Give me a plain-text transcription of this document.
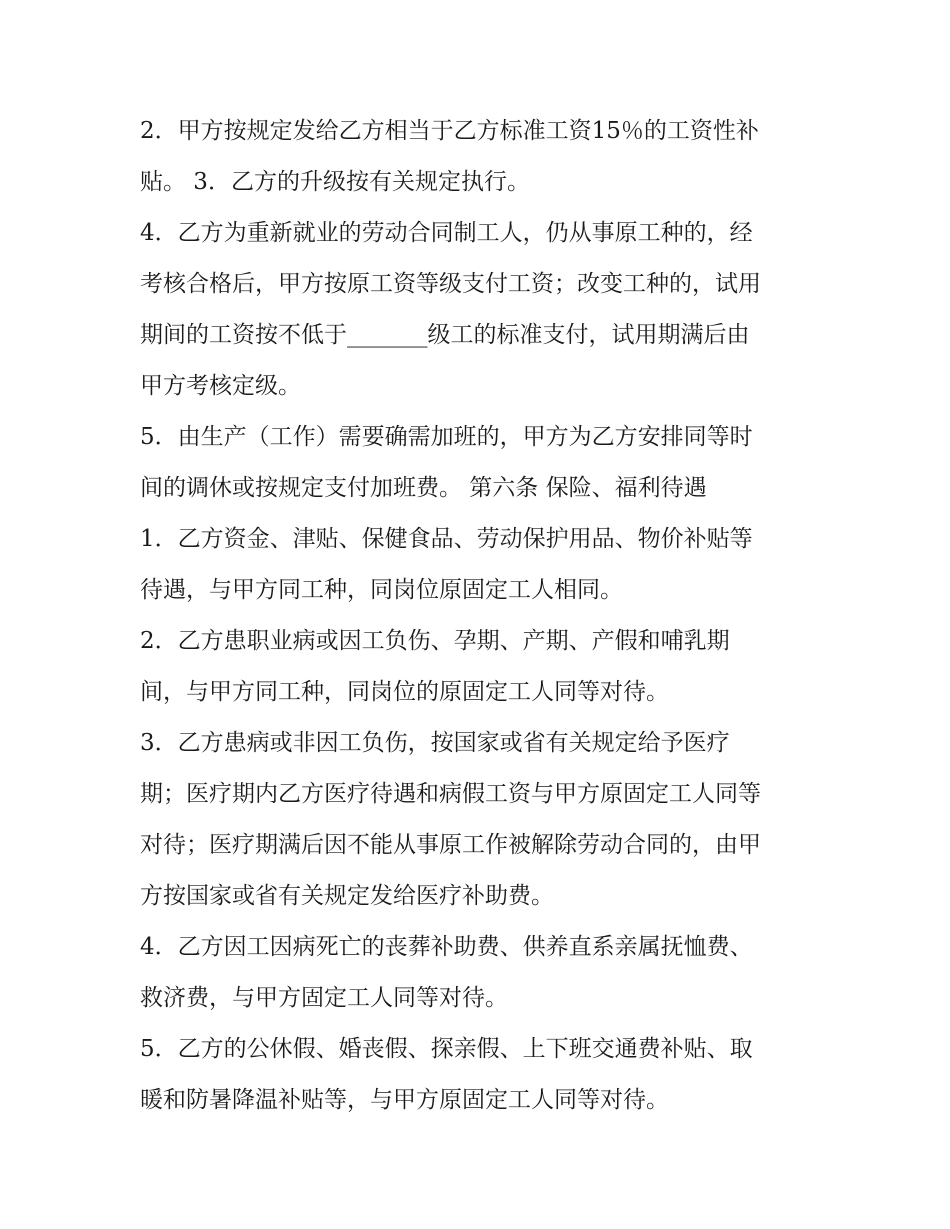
2．甲方按规定发给乙方相当于乙方标准工资15％的工资性补
贴。 3．乙方的升级按有关规定执行。
4．乙方为重新就业的劳动合同制工人，仍从事原工种的，经
考核合格后，甲方按原工资等级支付工资；改变工种的，试用
期间的工资按不低于_______级工的标准支付，试用期满后由
甲方考核定级。
5．由生产（工作）需要确需加班的，甲方为乙方安排同等时
间的调休或按规定支付加班费。 第六条 保险、福利待遇
1．乙方资金、津贴、保健食品、劳动保护用品、物价补贴等
待遇，与甲方同工种，同岗位原固定工人相同。
2．乙方患职业病或因工负伤、孕期、产期、产假和哺乳期
间，与甲方同工种，同岗位的原固定工人同等对待。
3．乙方患病或非因工负伤，按国家或省有关规定给予医疗
期；医疗期内乙方医疗待遇和病假工资与甲方原固定工人同等
对待；医疗期满后因不能从事原工作被解除劳动合同的，由甲
方按国家或省有关规定发给医疗补助费。
4．乙方因工因病死亡的丧葬补助费、供养直系亲属抚恤费、
救济费，与甲方固定工人同等对待。
5．乙方的公休假、婚丧假、探亲假、上下班交通费补贴、取
暖和防暑降温补贴等，与甲方原固定工人同等对待。
